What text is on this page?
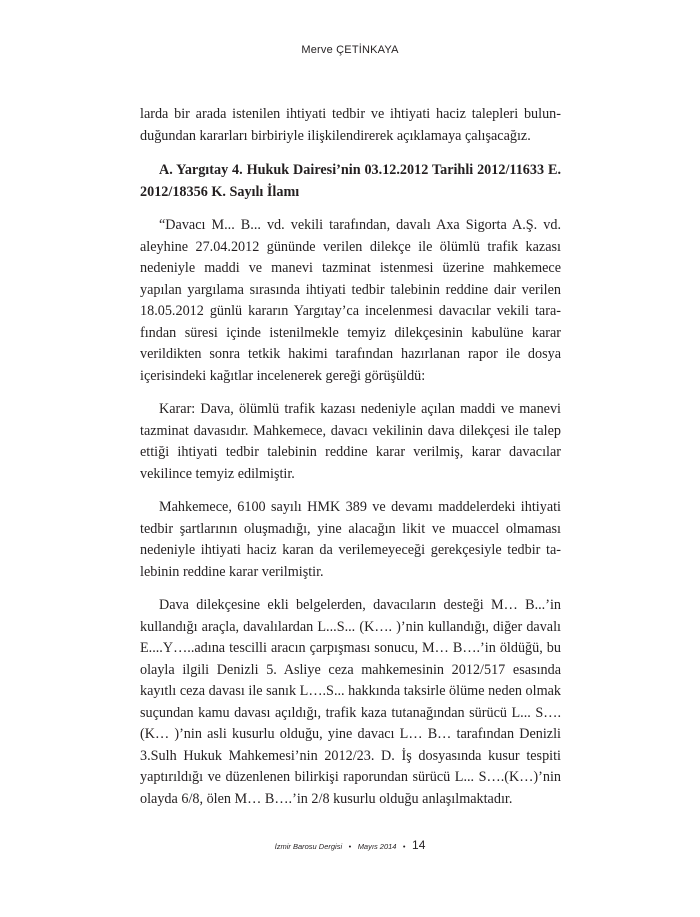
Merve ÇETİNKAYA

larda bir arada istenilen ihtiyati tedbir ve ihtiyati haciz talepleri bulunduğundan kararları birbiriyle ilişkilendirerek açıklamaya çalışacağız.

A. Yargıtay 4. Hukuk Dairesi’nin 03.12.2012 Tarihli 2012/11633 E. 2012/18356 K. Sayılı İlamı

“Davacı M... B... vd. vekili tarafından, davalı Axa Sigorta A.Ş. vd. aleyhine 27.04.2012 gününde verilen dilekçe ile ölümlü trafik kazası nedeniyle maddi ve manevi tazminat istenmesi üzerine mahkemece yapılan yargılama sırasında ihtiyati tedbir talebinin reddine dair verilen 18.05.2012 günlü kararın Yargıtay’ca incelenmesi davacılar vekili tarafından süresi içinde istenilmekle temyiz dilekçesinin kabulüne karar verildikten sonra tetkik hakimi tarafından hazırlanan rapor ile dosya içerisindeki kağıtlar incelenerek gereği görüşüldü:

Karar: Dava, ölümlü trafik kazası nedeniyle açılan maddi ve manevi tazminat davasıdır. Mahkemece, davacı vekilinin dava dilekçesi ile talep ettiği ihtiyati tedbir talebinin reddine karar verilmiş, karar davacılar vekilince temyiz edilmiştir.

Mahkemece, 6100 sayılı HMK 389 ve devamı maddelerdeki ihtiyati tedbir şartlarının oluşmadığı, yine alacağın likit ve muaccel olmaması nedeniyle ihtiyati haciz karan da verilemeyeceği gerekçesiyle tedbir talebinin reddine karar verilmiştir.

Dava dilekçesine ekli belgelerden, davacıların desteği M… B...’in kullandığı araçla, davalılardan L...S... (K…. )’nin kullandığı, diğer davalı E....Y…..adına tescilli aracın çarpışması sonucu, M… B….’in öldüğü, bu olayla ilgili Denizli 5. Asliye ceza mahkemesinin 2012/517 esasında kayıtlı ceza davası ile sanık L….S... hakkında taksirle ölüme neden olmak suçundan kamu davası açıldığı, trafik kaza tutanağından sürücü L... S…. (K… )’nin asli kusurlu olduğu, yine davacı L… B… tarafından Denizli 3.Sulh Hukuk Mahkemesi’nin 2012/23. D. İş dosyasında kusur tespiti yaptırıldığı ve düzenlenen bilirkişi raporundan sürücü L... S….(K…)’nin olayda 6/8, ölen M… B….’in 2/8 kusurlu olduğu anlaşılmaktadır.

İzmir Barosu Dergisi • Mayıs 2014 • 14
